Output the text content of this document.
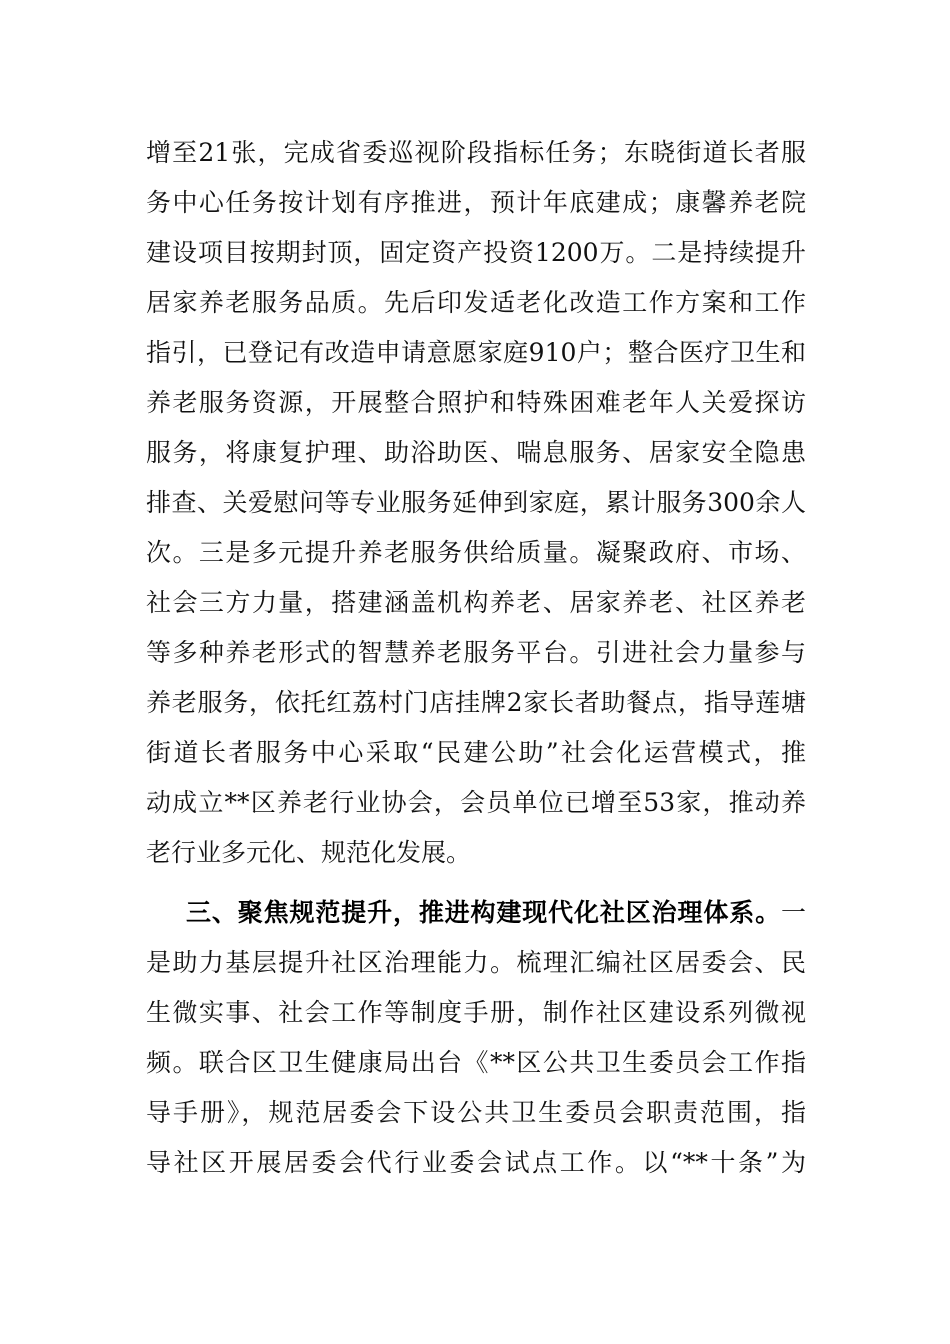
增至21张，完成省委巡视阶段指标任务；东晓街道长者服
务中心任务按计划有序推进，预计年底建成；康馨养老院
建设项目按期封顶，固定资产投资1200万。二是持续提升
居家养老服务品质。先后印发适老化改造工作方案和工作
指引，已登记有改造申请意愿家庭910户；整合医疗卫生和
养老服务资源，开展整合照护和特殊困难老年人关爱探访
服务，将康复护理、助浴助医、喘息服务、居家安全隐患
排查、关爱慰问等专业服务延伸到家庭，累计服务300余人
次。三是多元提升养老服务供给质量。凝聚政府、市场、
社会三方力量，搭建涵盖机构养老、居家养老、社区养老
等多种养老形式的智慧养老服务平台。引进社会力量参与
养老服务，依托红荔村门店挂牌2家长者助餐点，指导莲塘
街道长者服务中心采取“民建公助”社会化运营模式，推
动成立**区养老行业协会，会员单位已增至53家，推动养
老行业多元化、规范化发展。
三、聚焦规范提升，推进构建现代化社区治理体系。一
是助力基层提升社区治理能力。梳理汇编社区居委会、民
生微实事、社会工作等制度手册，制作社区建设系列微视
频。联合区卫生健康局出台《**区公共卫生委员会工作指
导手册》，规范居委会下设公共卫生委员会职责范围，指
导社区开展居委会代行业委会试点工作。以“**十条”为
